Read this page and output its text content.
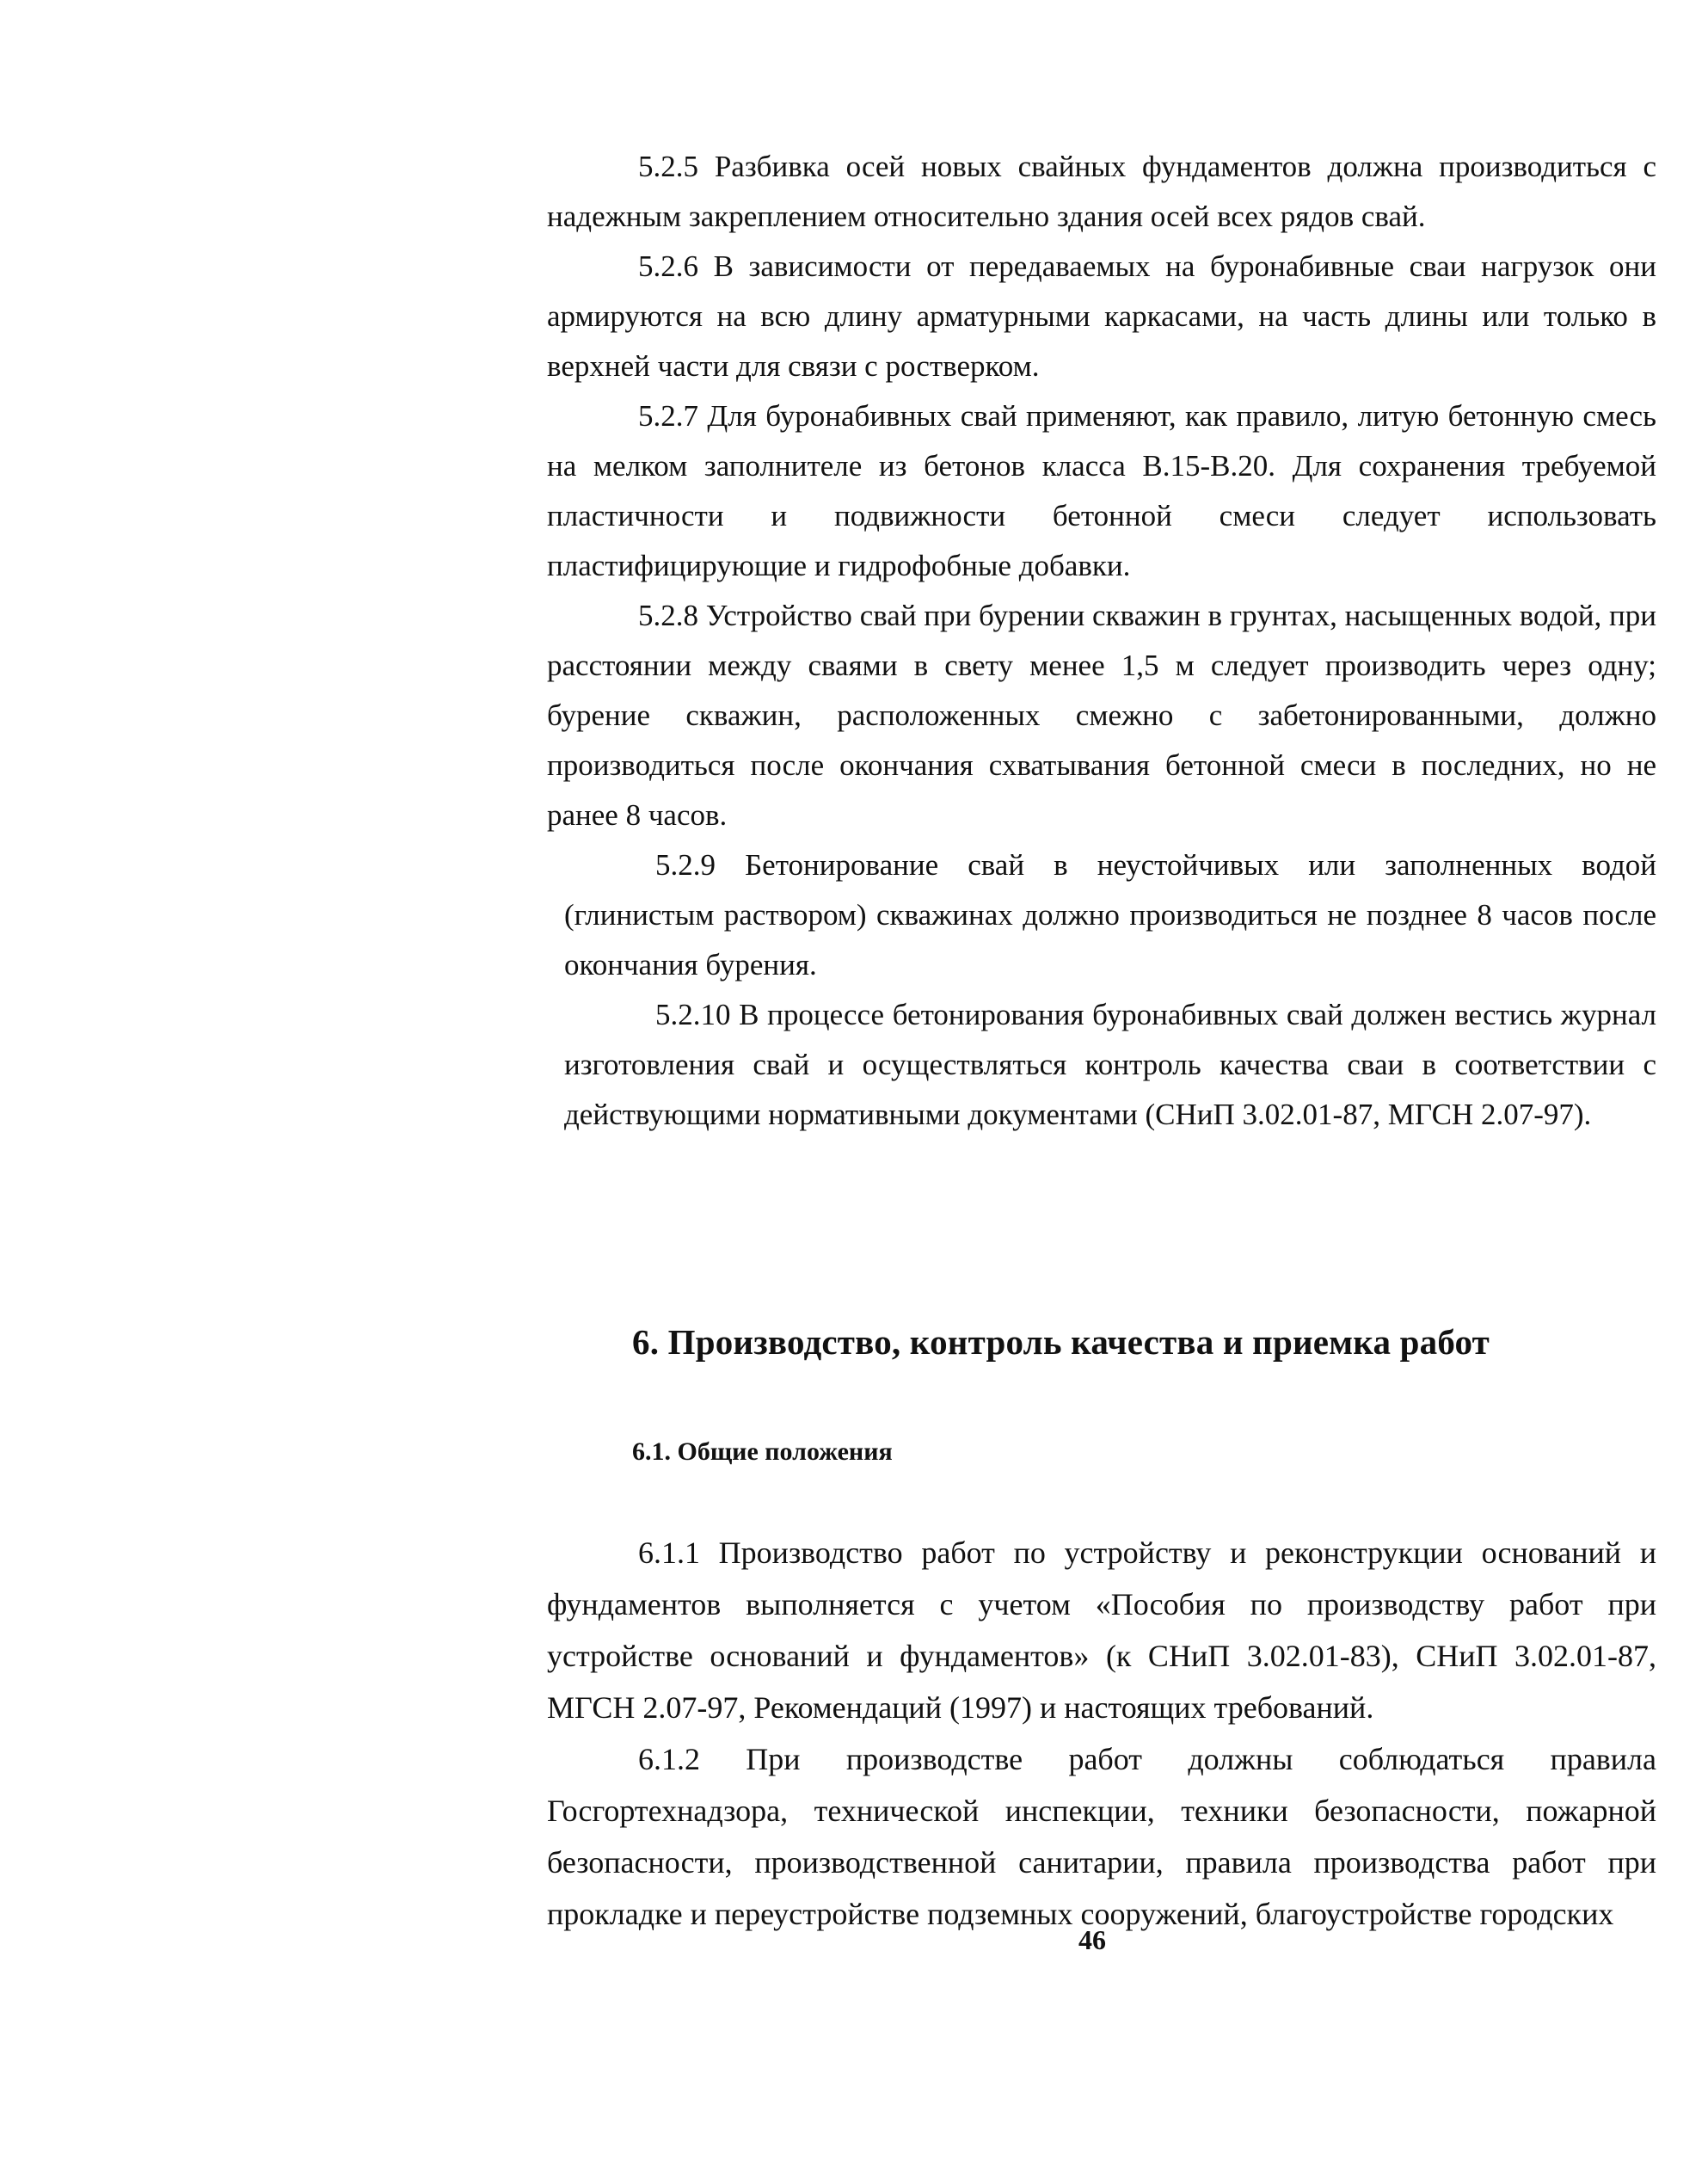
5.2.5 Разбивка осей новых свайных фундаментов должна производиться с надежным закреплением относительно здания осей всех рядов свай.

5.2.6 В зависимости от передаваемых на буронабивные сваи нагрузок они армируются на всю длину арматурными каркасами, на часть длины или только в верхней части для связи с ростверком.

5.2.7 Для буронабивных свай применяют, как правило, литую бетонную смесь на мелком заполнителе из бетонов класса В.15-В.20. Для сохранения требуемой пластичности и подвижности бетонной смеси следует использовать пластифицирующие и гидрофобные добавки.

5.2.8 Устройство свай при бурении скважин в грунтах, насыщенных водой, при расстоянии между сваями в свету менее 1,5 м следует производить через одну; бурение скважин, расположенных смежно с забетонированными, должно производиться после окончания схватывания бетонной смеси в последних, но не ранее 8 часов.

5.2.9 Бетонирование свай в неустойчивых или заполненных водой (глинистым раствором) скважинах должно производиться не позднее 8 часов после окончания бурения.

5.2.10 В процессе бетонирования буронабивных свай должен вестись журнал изготовления свай и осуществляться контроль качества сваи в соответствии с действующими нормативными документами (СНиП 3.02.01-87, МГСН 2.07-97).

6. Производство, контроль качества и приемка работ
6.1. Общие положения

6.1.1 Производство работ по устройству и реконструкции оснований и фундаментов выполняется с учетом «Пособия по производству работ при устройстве оснований и фундаментов» (к СНиП 3.02.01-83), СНиП 3.02.01-87, МГСН 2.07-97, Рекомендаций (1997) и настоящих требований.

6.1.2 При производстве работ должны соблюдаться правила Госгортехнадзора, технической инспекции, техники безопасности, пожарной безопасности, производственной санитарии, правила производства работ при прокладке и переустройстве подземных сооружений, благоустройстве городских

46
